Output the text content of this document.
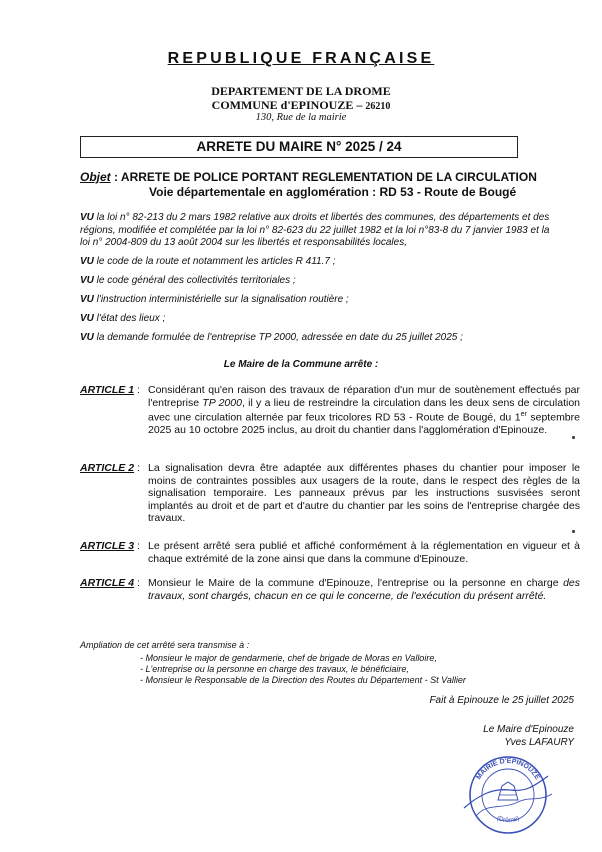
REPUBLIQUE FRANÇAISE
DEPARTEMENT DE LA DROME
COMMUNE d'EPINOUZE – 26210
130, Rue de la mairie
ARRETE DU MAIRE N° 2025 / 24
Objet : ARRETE DE POLICE PORTANT REGLEMENTATION DE LA CIRCULATION
Voie départementale en agglomération : RD 53 - Route de Bougé
VU la loi n° 82-213 du 2 mars 1982 relative aux droits et libertés des communes, des départements et des régions, modifiée et complétée par la loi n° 82-623 du 22 juillet 1982 et la loi n°83-8 du 7 janvier 1983 et la loi n° 2004-809 du 13 août 2004 sur les libertés et responsabilités locales,
VU le code de la route et notamment les articles R 411.7 ;
VU le code général des collectivités territoriales ;
VU l'instruction interministérielle sur la signalisation routière ;
VU l'état des lieux ;
VU la demande formulée de l'entreprise TP 2000, adressée en date du 25 juillet 2025 ;
Le Maire de la Commune arrête :
ARTICLE 1 : Considérant qu'en raison des travaux de réparation d'un mur de soutènement effectués par l'entreprise TP 2000, il y a lieu de restreindre la circulation dans les deux sens de circulation avec une circulation alternée par feux tricolores RD 53 - Route de Bougé, du 1er septembre 2025 au 10 octobre 2025 inclus, au droit du chantier dans l'agglomération d'Epinouze.
ARTICLE 2 : La signalisation devra être adaptée aux différentes phases du chantier pour imposer le moins de contraintes possibles aux usagers de la route, dans le respect des règles de la signalisation temporaire. Les panneaux prévus par les instructions susvisées seront implantés au droit et de part et d'autre du chantier par les soins de l'entreprise chargée des travaux.
ARTICLE 3 : Le présent arrêté sera publié et affiché conformément à la réglementation en vigueur et à chaque extrémité de la zone ainsi que dans la commune d'Epinouze.
ARTICLE 4 : Monsieur le Maire de la commune d'Epinouze, l'entreprise ou la personne en charge des travaux, sont chargés, chacun en ce qui le concerne, de l'exécution du présent arrêté.
Ampliation de cet arrêté sera transmise à :
- Monsieur le major de gendarmerie, chef de brigade de Moras en Valloire,
- L'entreprise ou la personne en charge des travaux, le bénéficiaire,
- Monsieur le Responsable de la Direction des Routes du Département - St Vallier
Fait à Epinouze le 25 juillet 2025
Le Maire d'Epinouze
Yves LAFAURY
MAIRIE D'EPINOUZE
(Drôme)
